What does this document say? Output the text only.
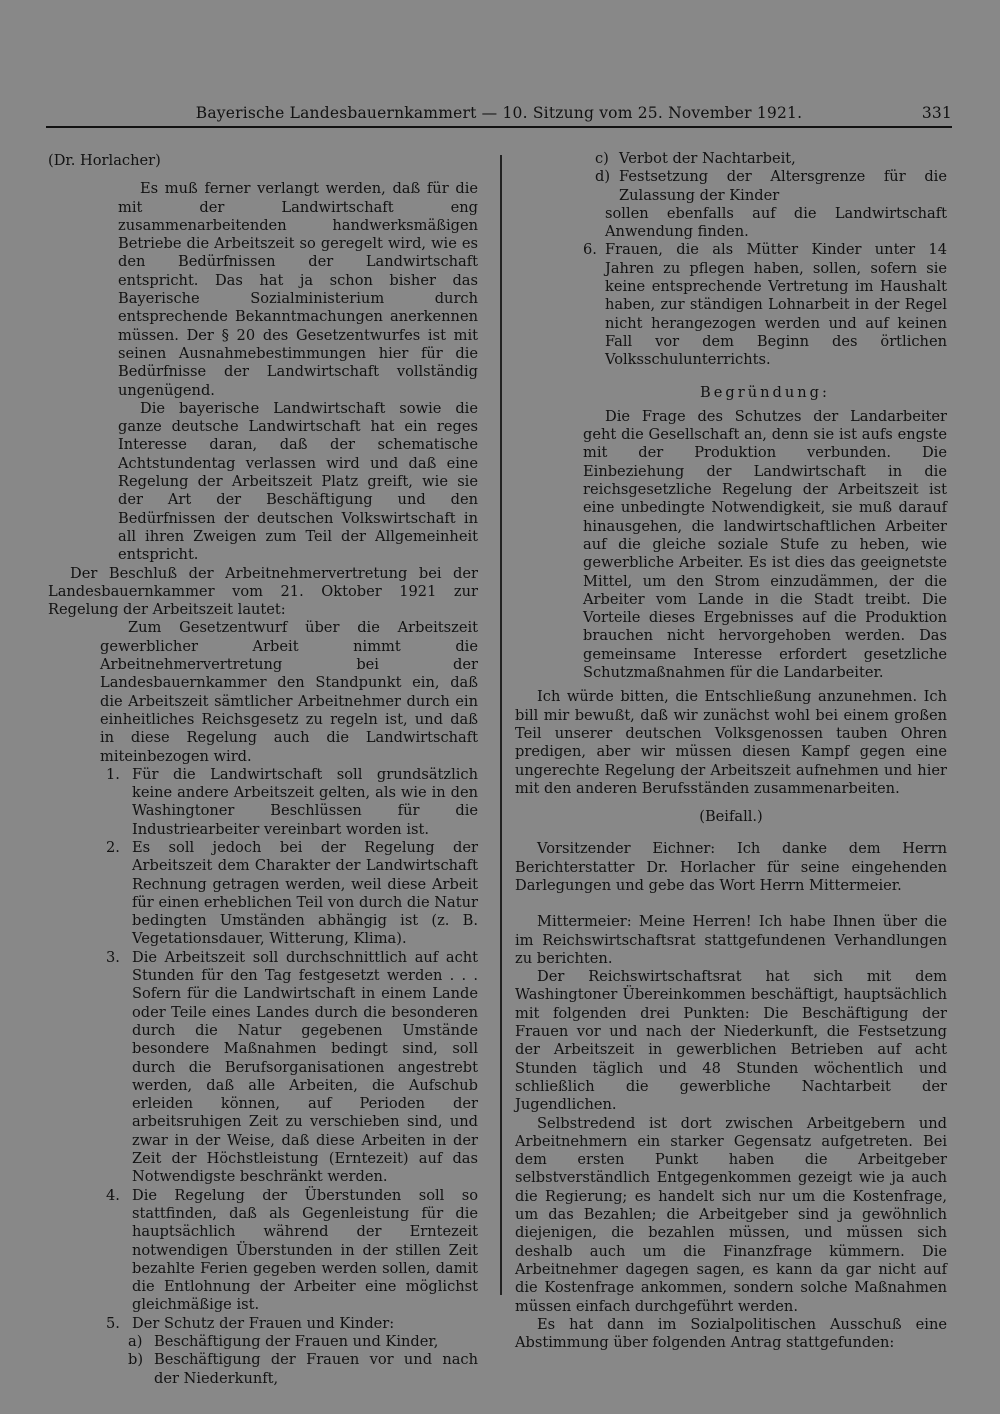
Bayerische Landesbauernkammert — 10. Sitzung vom 25. November 1921.	331

(Dr. Horlacher)

Es muß ferner verlangt werden, daß für die mit der Landwirtschaft eng zusammenarbeitenden handwerksmäßigen Betriebe die Arbeitszeit so geregelt wird, wie es den Bedürfnissen der Landwirtschaft entspricht. Das hat ja schon bisher das Bayerische Sozialministerium durch entsprechende Bekanntmachungen anerkennen müssen. Der § 20 des Gesetzentwurfes ist mit seinen Ausnahmebestimmungen hier für die Bedürfnisse der Landwirtschaft vollständig ungenügend.

Die bayerische Landwirtschaft sowie die ganze deutsche Landwirtschaft hat ein reges Interesse daran, daß der schematische Achtstundentag verlassen wird und daß eine Regelung der Arbeitszeit Platz greift, wie sie der Art der Beschäftigung und den Bedürfnissen der deutschen Volkswirtschaft in all ihren Zweigen zum Teil der Allgemeinheit entspricht.

Der Beschluß der Arbeitnehmervertretung bei der Landesbauernkammer vom 21. Oktober 1921 zur Regelung der Arbeitszeit lautet:

Zum Gesetzentwurf über die Arbeitszeit gewerblicher Arbeit nimmt die Arbeitnehmervertretung bei der Landesbauernkammer den Standpunkt ein, daß die Arbeitszeit sämtlicher Arbeitnehmer durch ein einheitliches Reichsgesetz zu regeln ist, und daß in diese Regelung auch die Landwirtschaft miteinbezogen wird.

1. Für die Landwirtschaft soll grundsätzlich keine andere Arbeitszeit gelten, als wie in den Washingtoner Beschlüssen für die Industriearbeiter vereinbart worden ist.

2. Es soll jedoch bei der Regelung der Arbeitszeit dem Charakter der Landwirtschaft Rechnung getragen werden, weil diese Arbeit für einen erheblichen Teil von durch die Natur bedingten Umständen abhängig ist (z. B. Vegetationsdauer, Witterung, Klima).

3. Die Arbeitszeit soll durchschnittlich auf acht Stunden für den Tag festgesetzt werden . . . Sofern für die Landwirtschaft in einem Lande oder Teile eines Landes durch die besonderen durch die Natur gegebenen Umstände besondere Maßnahmen bedingt sind, soll durch die Berufsorganisationen angestrebt werden, daß alle Arbeiten, die Aufschub erleiden können, auf Perioden der arbeitsruhigen Zeit zu verschieben sind, und zwar in der Weise, daß diese Arbeiten in der Zeit der Höchstleistung (Erntezeit) auf das Notwendigste beschränkt werden.

4. Die Regelung der Überstunden soll so stattfinden, daß als Gegenleistung für die hauptsächlich während der Erntezeit notwendigen Überstunden in der stillen Zeit bezahlte Ferien gegeben werden sollen, damit die Entlohnung der Arbeiter eine möglichst gleichmäßige ist.

5. Der Schutz der Frauen und Kinder:

a) Beschäftigung der Frauen und Kinder,

b) Beschäftigung der Frauen vor und nach der Niederkunft,

c) Verbot der Nachtarbeit,

d) Festsetzung der Altersgrenze für die Zulassung der Kinder

sollen ebenfalls auf die Landwirtschaft Anwendung finden.

6. Frauen, die als Mütter Kinder unter 14 Jahren zu pflegen haben, sollen, sofern sie keine entsprechende Vertretung im Haushalt haben, zur ständigen Lohnarbeit in der Regel nicht herangezogen werden und auf keinen Fall vor dem Beginn des örtlichen Volksschulunterrichts.

Begründung:

Die Frage des Schutzes der Landarbeiter geht die Gesellschaft an, denn sie ist aufs engste mit der Produktion verbunden. Die Einbeziehung der Landwirtschaft in die reichsgesetzliche Regelung der Arbeitszeit ist eine unbedingte Notwendigkeit, sie muß darauf hinausgehen, die landwirtschaftlichen Arbeiter auf die gleiche soziale Stufe zu heben, wie gewerbliche Arbeiter. Es ist dies das geeignetste Mittel, um den Strom einzudämmen, der die Arbeiter vom Lande in die Stadt treibt. Die Vorteile dieses Ergebnisses auf die Produktion brauchen nicht hervorgehoben werden. Das gemeinsame Interesse erfordert gesetzliche Schutzmaßnahmen für die Landarbeiter.

Ich würde bitten, die Entschließung anzunehmen. Ich bill mir bewußt, daß wir zunächst wohl bei einem großen Teil unserer deutschen Volksgenossen tauben Ohren predigen, aber wir müssen diesen Kampf gegen eine ungerechte Regelung der Arbeitszeit aufnehmen und hier mit den anderen Berufsständen zusammenarbeiten.

(Beifall.)

Vorsitzender Eichner: Ich danke dem Herrn Berichterstatter Dr. Horlacher für seine eingehenden Darlegungen und gebe das Wort Herrn Mittermeier.

Mittermeier: Meine Herren! Ich habe Ihnen über die im Reichswirtschaftsrat stattgefundenen Verhandlungen zu berichten.

Der Reichswirtschaftsrat hat sich mit dem Washingtoner Übereinkommen beschäftigt, hauptsächlich mit folgenden drei Punkten: Die Beschäftigung der Frauen vor und nach der Niederkunft, die Festsetzung der Arbeitszeit in gewerblichen Betrieben auf acht Stunden täglich und 48 Stunden wöchentlich und schließlich die gewerbliche Nachtarbeit der Jugendlichen.

Selbstredend ist dort zwischen Arbeitgebern und Arbeitnehmern ein starker Gegensatz aufgetreten. Bei dem ersten Punkt haben die Arbeitgeber selbstverständlich Entgegenkommen gezeigt wie ja auch die Regierung; es handelt sich nur um die Kostenfrage, um das Bezahlen; die Arbeitgeber sind ja gewöhnlich diejenigen, die bezahlen müssen, und müssen sich deshalb auch um die Finanzfrage kümmern. Die Arbeitnehmer dagegen sagen, es kann da gar nicht auf die Kostenfrage ankommen, sondern solche Maßnahmen müssen einfach durchgeführt werden.

Es hat dann im Sozialpolitischen Ausschuß eine Abstimmung über folgenden Antrag stattgefunden:
